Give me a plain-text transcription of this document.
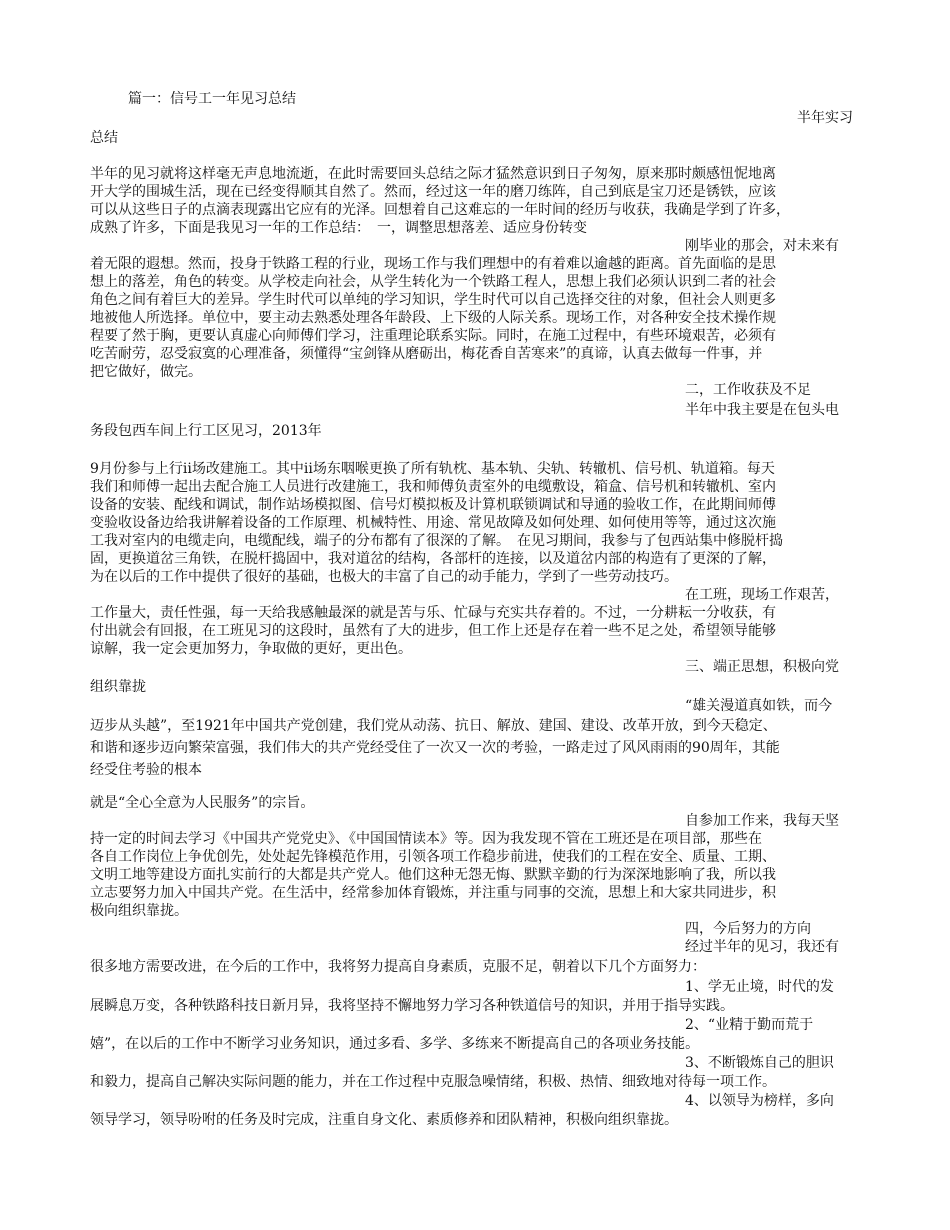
篇一：信号工一年见习总结
半年实习
总结
半年的见习就将这样毫无声息地流逝，在此时需要回头总结之际才猛然意识到日子匆匆，原来那时颇感忸怩地离
开大学的围城生活，现在已经变得顺其自然了。然而，经过这一年的磨刀练阵，自己到底是宝刀还是锈铁，应该
可以从这些日子的点滴表现露出它应有的光泽。回想着自己这难忘的一年时间的经历与收获，我确是学到了许多，
成熟了许多，下面是我见习一年的工作总结：　一，调整思想落差、适应身份转变
刚毕业的那会，对未来有
着无限的遐想。然而，投身于铁路工程的行业，现场工作与我们理想中的有着难以逾越的距离。首先面临的是思
想上的落差，角色的转变。从学校走向社会，从学生转化为一个铁路工程人，思想上我们必须认识到二者的社会
角色之间有着巨大的差异。学生时代可以单纯的学习知识，学生时代可以自己选择交往的对象，但社会人则更多
地被他人所选择。单位中，要主动去熟悉处理各年龄段、上下级的人际关系。现场工作，对各种安全技术操作规
程要了然于胸，更要认真虚心向师傅们学习，注重理论联系实际。同时，在施工过程中，有些环境艰苦，必须有
吃苦耐劳，忍受寂寞的心理准备，须懂得“宝剑锋从磨砺出，梅花香自苦寒来”的真谛，认真去做每一件事，并
把它做好，做完。
二，工作收获及不足
半年中我主要是在包头电
务段包西车间上行工区见习，2013年
9月份参与上行ii场改建施工。其中ii场东咽喉更换了所有轨枕、基本轨、尖轨、转辙机、信号机、轨道箱。每天
我们和师傅一起出去配合施工人员进行改建施工，我和师傅负责室外的电缆敷设，箱盒、信号机和转辙机、室内
设备的安装、配线和调试，制作站场模拟图、信号灯模拟板及计算机联锁调试和导通的验收工作，在此期间师傅
变验收设备边给我讲解着设备的工作原理、机械特性、用途、常见故障及如何处理、如何使用等等，通过这次施
工我对室内的电缆走向，电缆配线，端子的分布都有了很深的了解。　在见习期间，我参与了包西站集中修脱杆捣
固，更换道岔三角铁，在脱杆捣固中，我对道岔的结构，各部杆的连接，以及道岔内部的构造有了更深的了解，
为在以后的工作中提供了很好的基础，也极大的丰富了自己的动手能力，学到了一些劳动技巧。
在工班，现场工作艰苦，
工作量大，责任性强，每一天给我感触最深的就是苦与乐、忙碌与充实共存着的。不过，一分耕耘一分收获，有
付出就会有回报，在工班见习的这段时，虽然有了大的进步，但工作上还是存在着一些不足之处，希望领导能够
谅解，我一定会更加努力，争取做的更好，更出色。
三、端正思想，积极向党
组织靠拢
“雄关漫道真如铁，而今
迈步从头越”，至1921年中国共产党创建，我们党从动荡、抗日、解放、建国、建设、改革开放，到今天稳定、
和谐和逐步迈向繁荣富强，我们伟大的共产党经受住了一次又一次的考验，一路走过了风风雨雨的90周年，其能
经受住考验的根本
就是“全心全意为人民服务”的宗旨。
自参加工作来，我每天坚
持一定的时间去学习《中国共产党党史》、《中国国情读本》等。因为我发现不管在工班还是在项目部，那些在
各自工作岗位上争优创先，处处起先锋模范作用，引领各项工作稳步前进，使我们的工程在安全、质量、工期、
文明工地等建设方面扎实前行的大都是共产党人。他们这种无怨无悔、默默辛勤的行为深深地影响了我，所以我
立志要努力加入中国共产党。在生活中，经常参加体育锻炼，并注重与同事的交流，思想上和大家共同进步，积
极向组织靠拢。
四，今后努力的方向
经过半年的见习，我还有
很多地方需要改进，在今后的工作中，我将努力提高自身素质，克服不足，朝着以下几个方面努力：
1、学无止境，时代的发
展瞬息万变，各种铁路科技日新月异，我将坚持不懈地努力学习各种铁道信号的知识，并用于指导实践。
2、“业精于勤而荒于
嬉”，在以后的工作中不断学习业务知识，通过多看、多学、多练来不断提高自己的各项业务技能。
3、不断锻炼自己的胆识
和毅力，提高自己解决实际问题的能力，并在工作过程中克服急噪情绪，积极、热情、细致地对待每一项工作。
4、以领导为榜样，多向
领导学习，领导吩咐的任务及时完成，注重自身文化、素质修养和团队精神，积极向组织靠拢。
